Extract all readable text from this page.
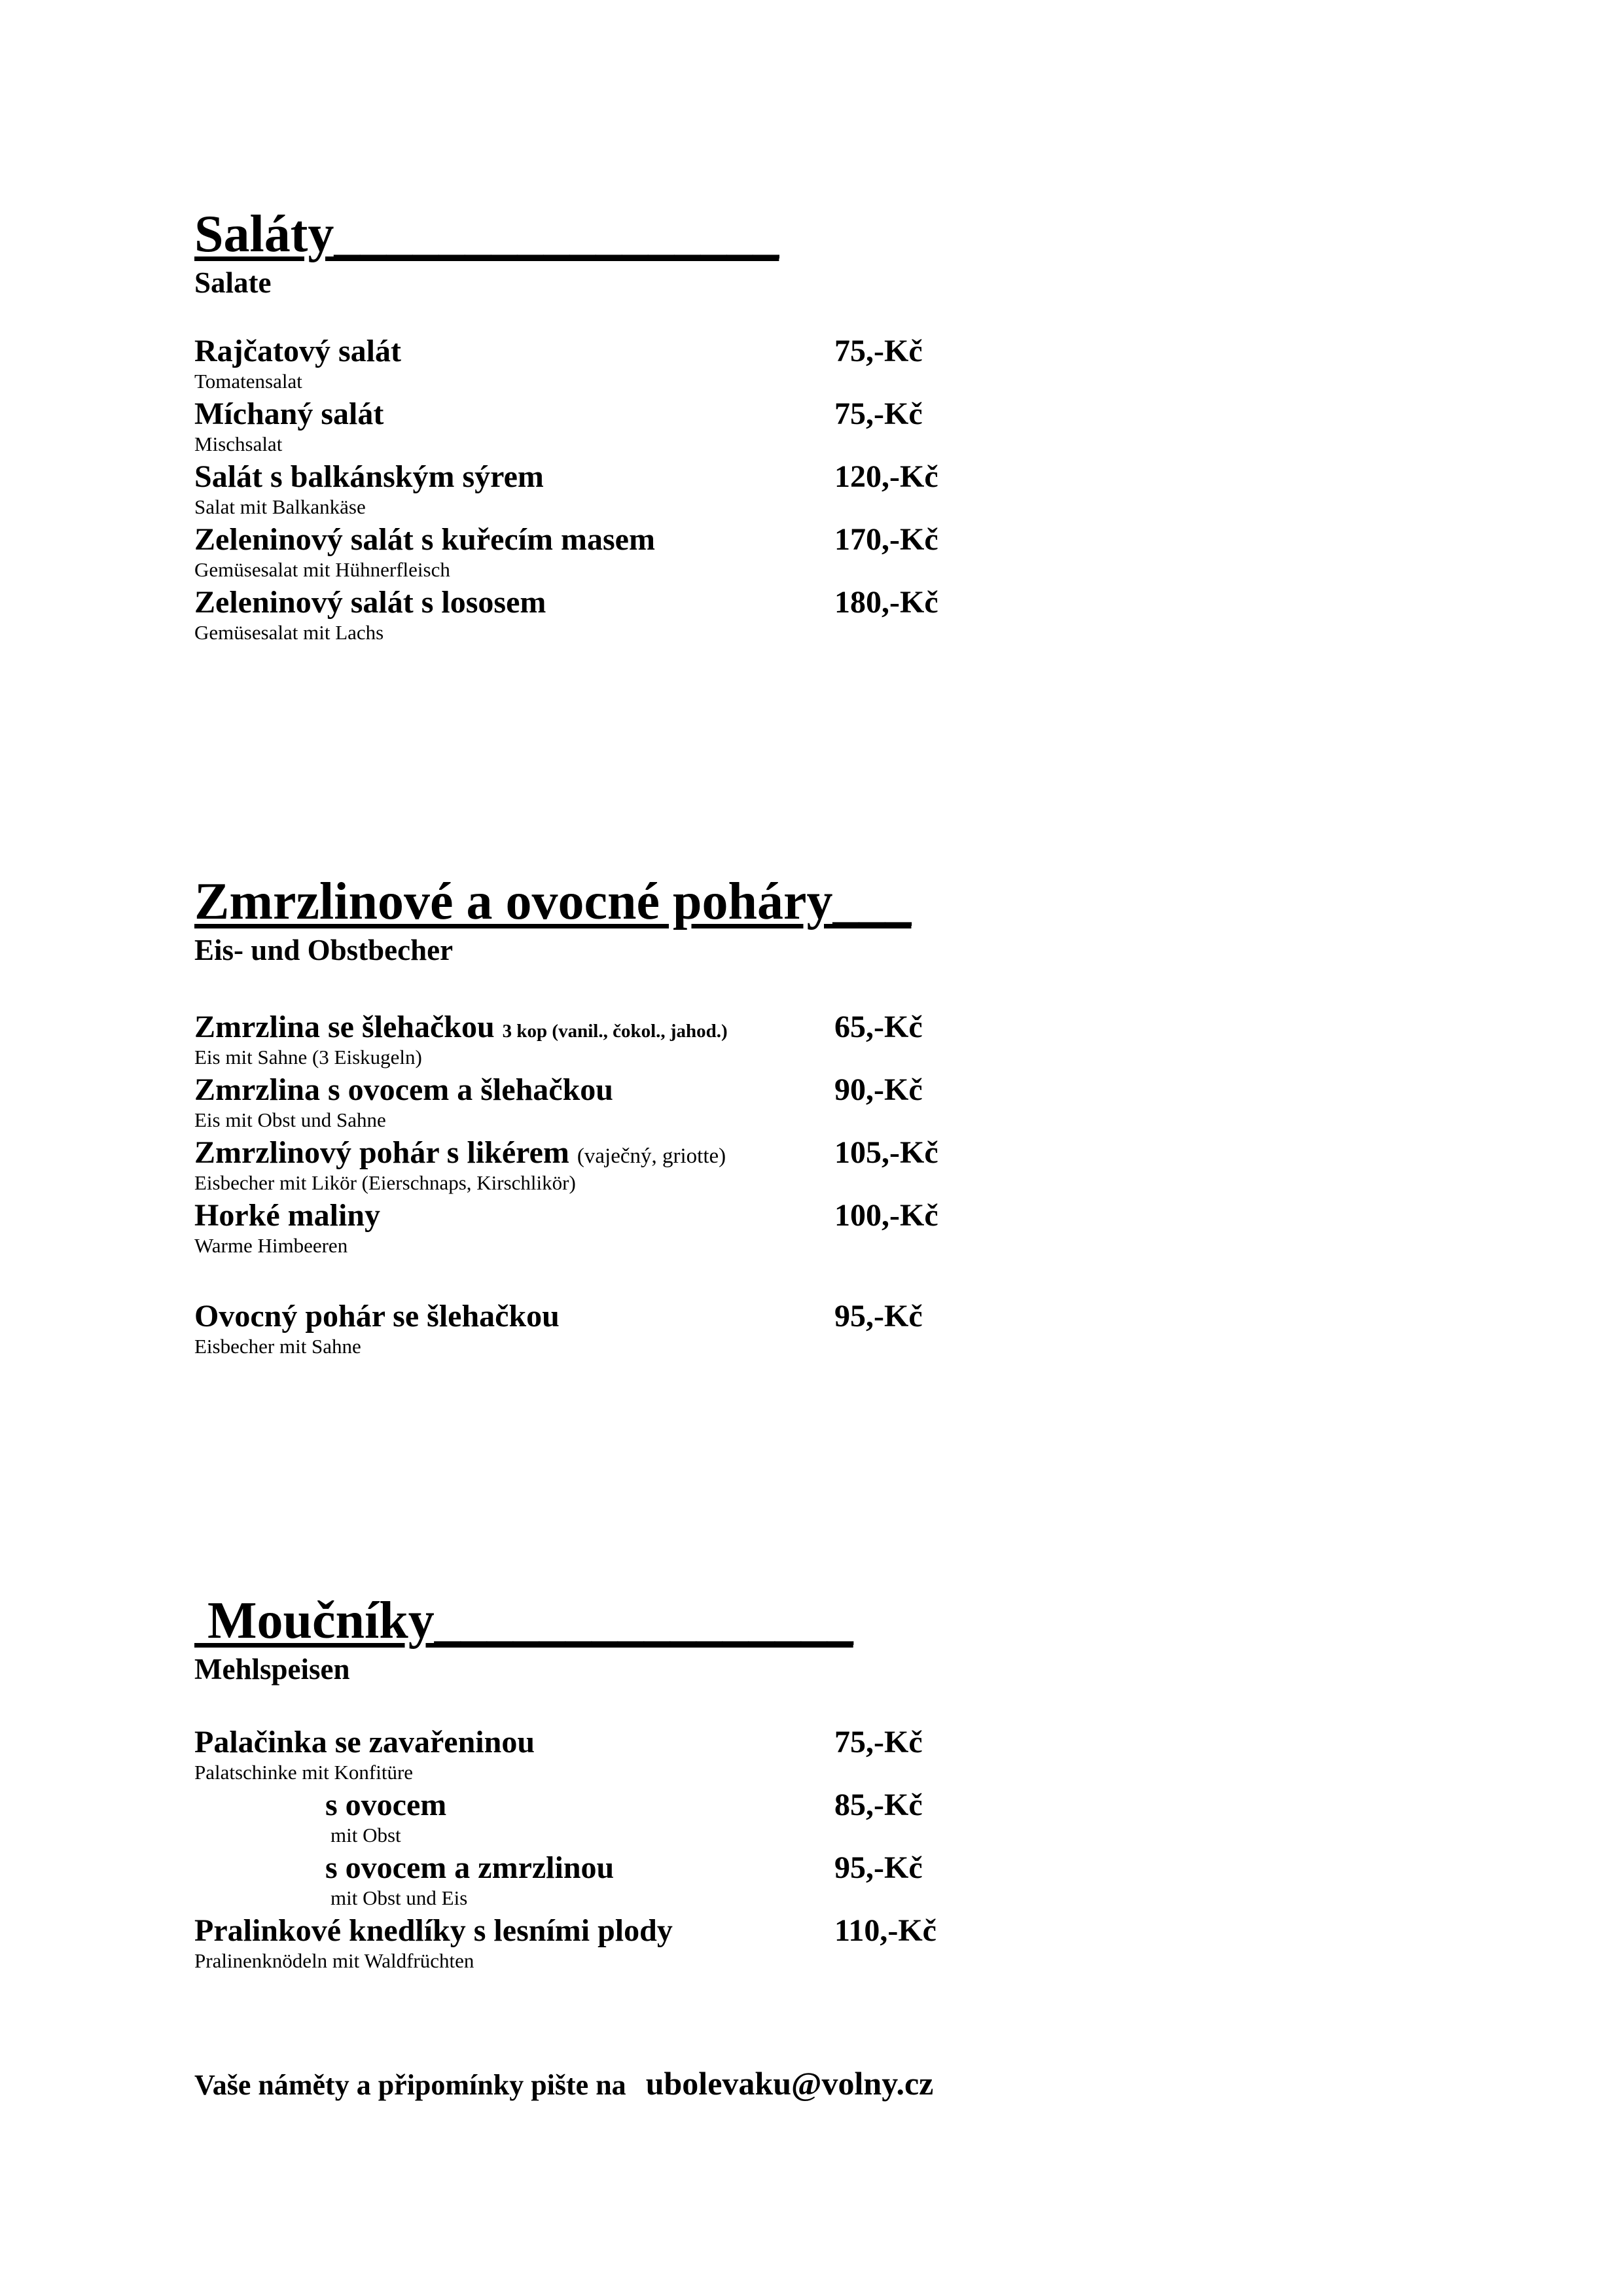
Saláty_________________
Salate
Rajčatový salát
Tomatensalat
75,-Kč
Míchaný salát
Mischsalat
75,-Kč
Salát s balkánským sýrem
Salat mit Balkankäse
120,-Kč
Zeleninový salát s kuřecím masem
Gemüsesalat mit Hühnerfleisch
170,-Kč
Zeleninový salát s lososem
Gemüsesalat mit Lachs
180,-Kč
Zmrzlinové a ovocné poháry___
Eis- und Obstbecher
Zmrzlina se šlehačkou 3 kop (vanil., čokol., jahod.)
Eis mit Sahne (3 Eiskugeln)
65,-Kč
Zmrzlina s ovocem a šlehačkou
Eis mit Obst und Sahne
90,-Kč
Zmrzlinový pohár s likérem (vaječný, griotte)
Eisbecher mit Likör (Eierschnaps, Kirschlikör)
105,-Kč
Horké maliny
Warme Himbeeren
100,-Kč
Ovocný pohár se šlehačkou
Eisbecher mit Sahne
95,-Kč
Moučníky________________
Mehlspeisen
Palačinka se zavařeninou
Palatschinke mit Konfitüre
75,-Kč
s ovocem
mit Obst
85,-Kč
s ovocem a zmrzlinou
mit Obst und Eis
95,-Kč
Pralinkové knedlíky s lesními plody
Pralinenknödeln mit Waldfrüchten
110,-Kč
Vaše náměty a připomínky pište na ubolevaku@volny.cz
